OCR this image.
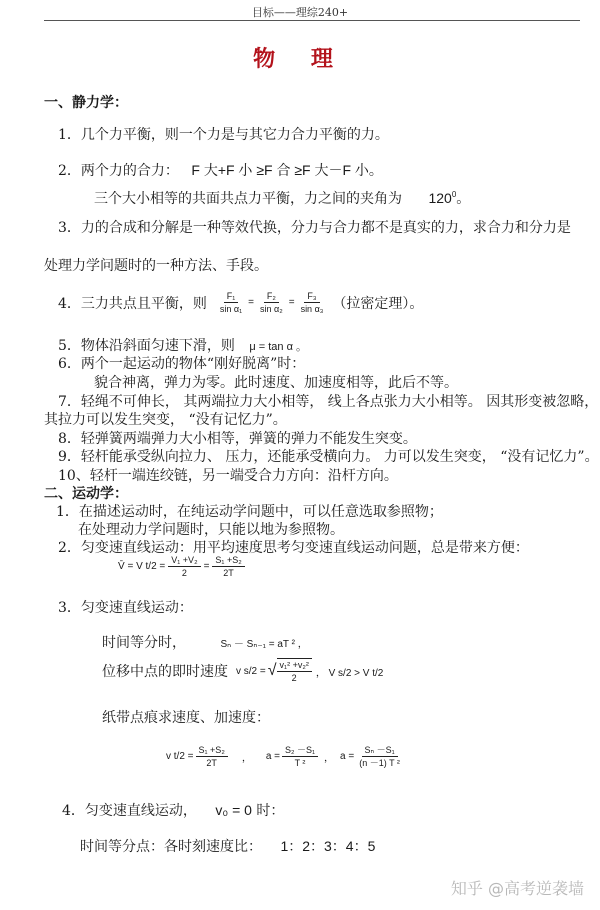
目标——理综240+
物 理
一、静力学：
1．几个力平衡，则一个力是与其它力合力平衡的力。
2．两个力的合力： F 大+F 小 ≥F 合 ≥F 大－F 小。
三个大小相等的共面共点力平衡，力之间的夹角为 $120^0$。
3．力的合成和分解是一种等效代换，分力与合力都不是真实的力，求合力和分力是
处理力学问题时的一种方法、手段。
4．三力共点且平衡，则 $\frac{\text{F₁}}{\text{sin α₁}} = \frac{\text{F₂}}{\text{sin α₂}} = \frac{\text{F₃}}{\text{sin α₃}}$ （拉密定理）。
5．物体沿斜面匀速下滑，则 μ = tan α 。
6．两个一起运动的物体“刚好脱离”时：
貌合神离，弹力为零。此时速度、加速度相等，此后不等。
7．轻绳不可伸长， 其两端拉力大小相等， 线上各点张力大小相等。 因其形变被忽略，
其拉力可以发生突变， “没有记忆力”。
8．轻弹簧两端弹力大小相等，弹簧的弹力不能发生突变。
9．轻杆能承受纵向拉力、 压力，还能承受横向力。 力可以发生突变， “没有记忆力”。
10、轻杆一端连绞链，另一端受合力方向：沿杆方向。
二、运动学：
1．在描述运动时，在纯运动学问题中，可以任意选取参照物；
在处理动力学问题时，只能以地为参照物。
2．匀变速直线运动：用平均速度思考匀变速直线运动问题，总是带来方便：
V̄ = V $t/2 = \frac{\text{V₁ +V₂}}{2} = \frac{\text{S₁ +S₂}}{2T}$
3．匀变速直线运动：
时间等分时，	Sₙ － Sₙ₋₁ = aT ² ，
位移中点的即时速度 v s/2 = √ $\frac{\text{v₁² +v₂²}}{2}$ ， V s/2 > V t/2
纸带点痕求速度、加速度：
v $t/2 = \frac{\text{S₁ +S₂}}{2T}$ ， $a = \frac{\text{S₂ －S₁}}{\text{T ²}}$ ， $a = \frac{\text{Sₙ －S₁}}{\text{(n －1) T ²}}$
4．匀变速直线运动， v₀ = 0 时：
时间等分点：各时刻速度比： 1：2：3：4：5
知乎 @高考逆袭墙
